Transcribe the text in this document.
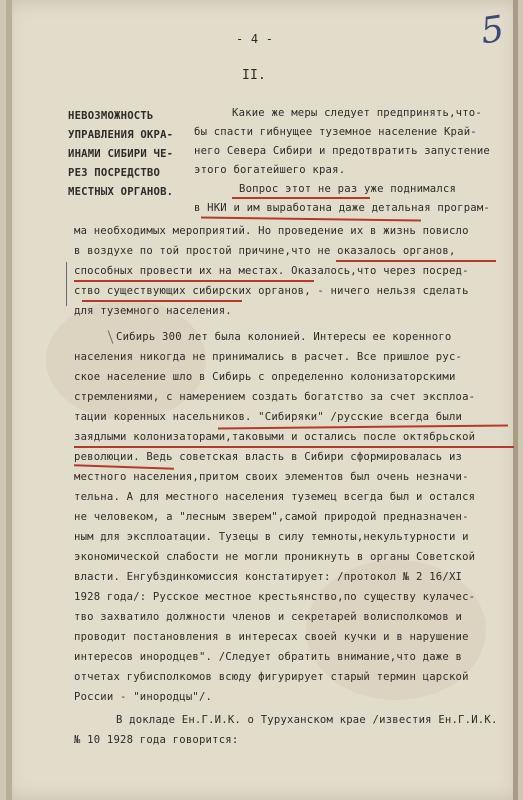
- 4 -	5
II.
НЕВОЗМОЖНОСТЬ
УПРАВЛЕНИЯ ОКРА-
ИНАМИ СИБИРИ ЧЕ-
РЕЗ ПОСРЕДСТВО
МЕСТНЫХ ОРГАНОВ.
Какие же меры следует предпринять,что-
бы спасти гибнущее туземное население Край-
него Севера Сибири и предотвратить запустение
этого богатейшего края.
Вопрос этот не раз уже поднимался
в НКИ и им выработана даже детальная програм-
ма необходимых мероприятий. Но проведение их в жизнь повисло
в воздухе по той простой причине,что не оказалось органов,
способных провести их на местах. Оказалось,что через посред-
ство существующих сибирских органов, - ничего нельзя сделать
для туземного населения.
Сибирь 300 лет была колонией. Интересы ее коренного
населения никогда не принимались в расчет. Все пришлое рус-
ское население шло в Сибирь с определенно колонизаторскими
стремлениями, с намерением создать богатство за счет эксплоа-
тации коренных насельников. "Сибиряки" /русские всегда были
заядлыми колонизаторами,таковыми и остались после октябрьской
революции. Ведь советская власть в Сибири сформировалась из
местного населения,притом своих элементов был очень незначи-
тельна. А для местного населения туземец всегда был и остался
не человеком, а "лесным зверем",самой природой предназначен-
ным для эксплоатации. Тузецы в силу темноты,некультурности и
экономической слабости не могли проникнуть в органы Советской
власти. Енгубздинкомиссия констатирует: /протокол № 2 16/XI
1928 года/: Русское местное крестьянство,по существу кулачес-
тво захватило должности членов и секретарей волисполкомов и
проводит постановления в интересах своей кучки и в нарушение
интересов инородцев". /Следует обратить внимание,что даже в
отчетах губисполкомов всюду фигурирует старый термин царской
России - "инородцы"/.
В докладе Ен.Г.И.К. о Туруханском крае /известия Ен.Г.И.К.
№ 10 1928 года говорится:
